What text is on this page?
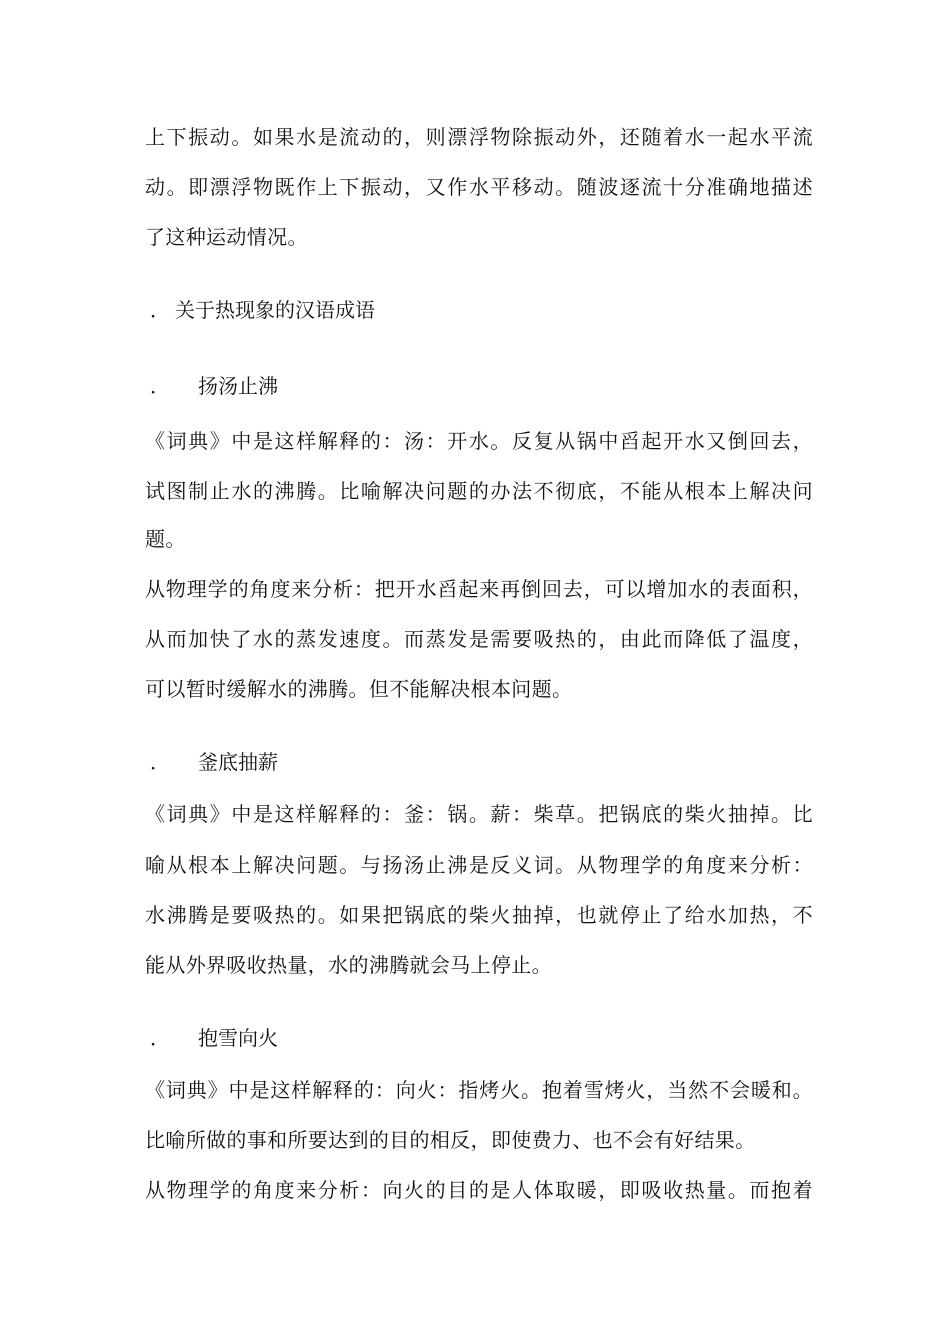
上下振动。如果水是流动的，则漂浮物除振动外，还随着水一起水平流
动。即漂浮物既作上下振动，又作水平移动。随波逐流十分准确地描述
了这种运动情况。
． 关于热现象的汉语成语
． 扬汤止沸
《词典》中是这样解释的：汤：开水。反复从锅中舀起开水又倒回去，
试图制止水的沸腾。比喻解决问题的办法不彻底，不能从根本上解决问
题。
从物理学的角度来分析：把开水舀起来再倒回去，可以增加水的表面积，
从而加快了水的蒸发速度。而蒸发是需要吸热的，由此而降低了温度，
可以暂时缓解水的沸腾。但不能解决根本问题。
． 釜底抽薪
《词典》中是这样解释的：釜：锅。薪：柴草。把锅底的柴火抽掉。比
喻从根本上解决问题。与扬汤止沸是反义词。从物理学的角度来分析：
水沸腾是要吸热的。如果把锅底的柴火抽掉，也就停止了给水加热，不
能从外界吸收热量，水的沸腾就会马上停止。
． 抱雪向火
《词典》中是这样解释的：向火：指烤火。抱着雪烤火，当然不会暖和。
比喻所做的事和所要达到的目的相反，即使费力、也不会有好结果。
从物理学的角度来分析：向火的目的是人体取暖，即吸收热量。而抱着
